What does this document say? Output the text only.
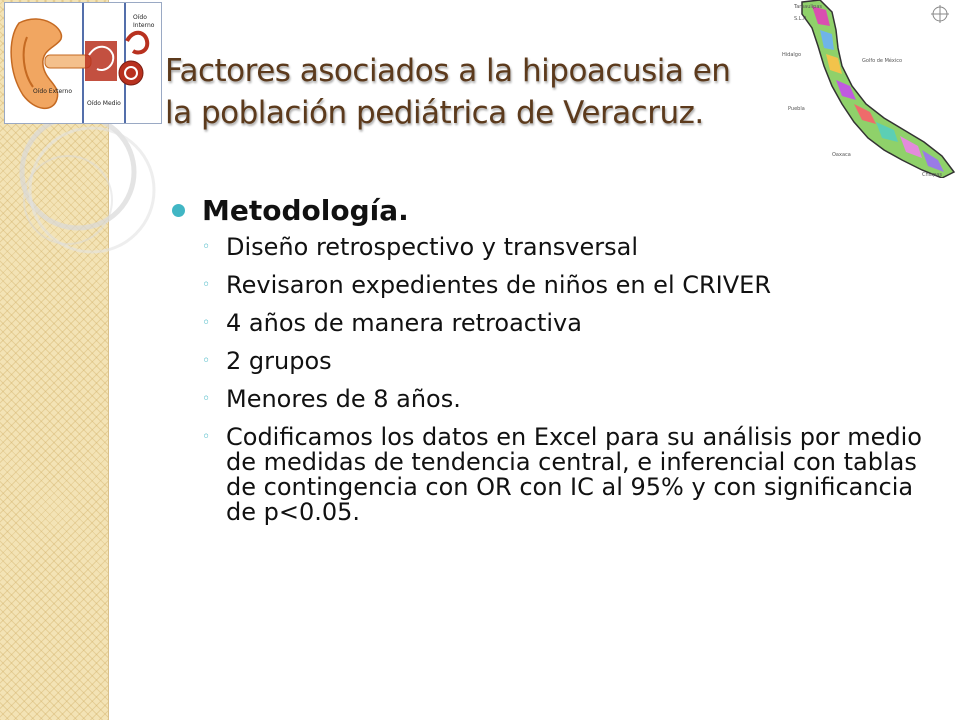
Oído
Interno
Oído Externo
Oído Medio
Tamaulipas
S.L.P.
Hidalgo
Golfo de México
Puebla
Oaxaca
Chiapas
Factores asociados a la hipoacusia en
la población pediátrica de Veracruz.
Metodología.
◦ Diseño retrospectivo y transversal
◦ Revisaron expedientes de niños en el CRIVER
◦ 4 años de manera retroactiva
◦ 2 grupos
◦ Menores de 8 años.
◦ Codificamos los datos en Excel para su análisis por medio de medidas de tendencia central, e inferencial con tablas de contingencia con OR con IC al 95% y con significancia de p<0.05.
